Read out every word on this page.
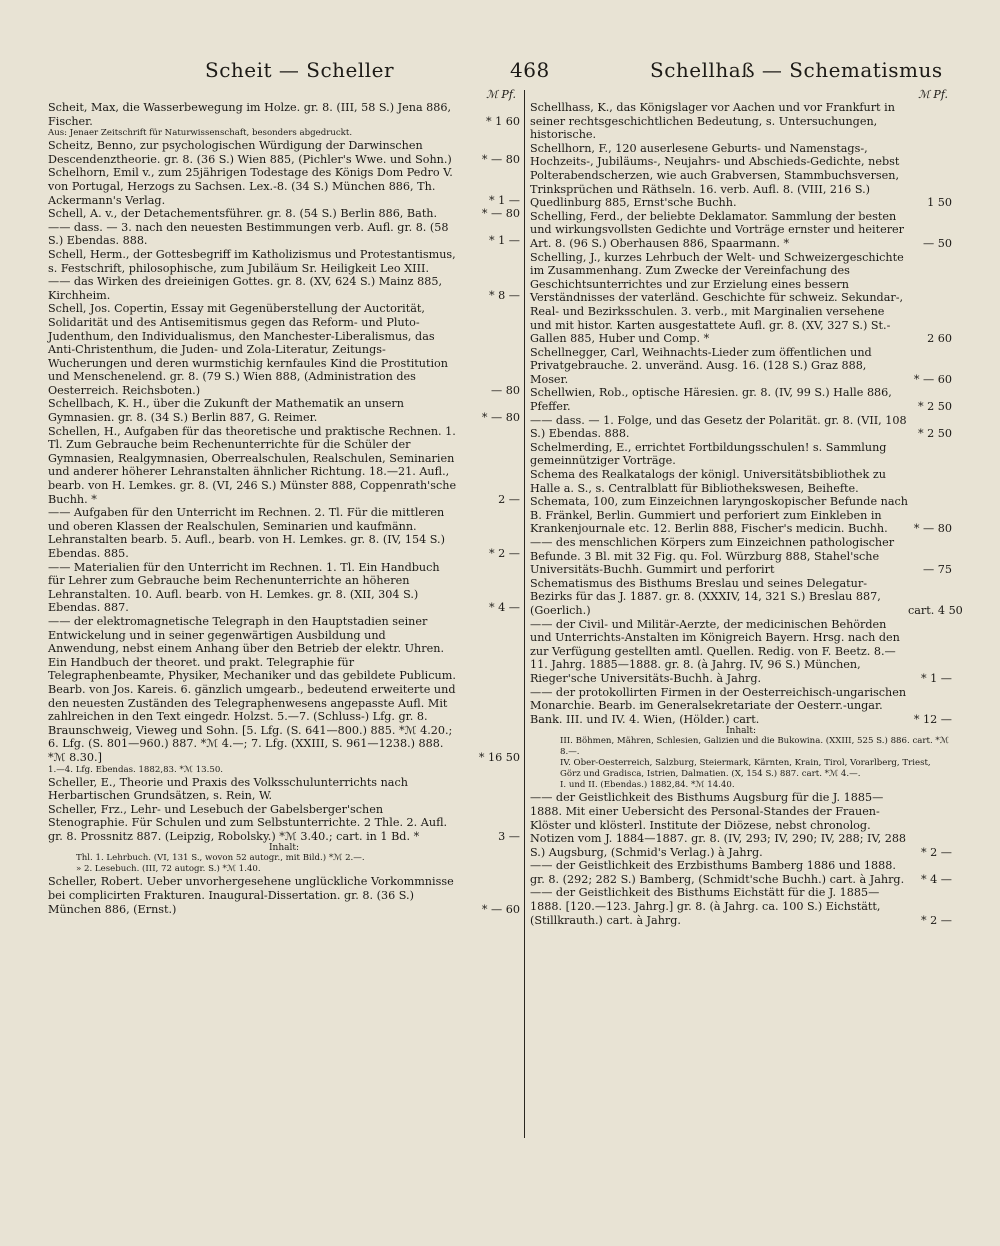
Scheit — Scheller	468	Schellhaß — Schematismus
ℳ Pf.
Scheit, Max, die Wasserbewegung im Holze. gr. 8. (III, 58 S.) Jena 886, Fischer.	* 1 60
Aus: Jenaer Zeitschrift für Naturwissenschaft, besonders abgedruckt.
Scheitz, Benno, zur psychologischen Würdigung der Darwinschen Descendenztheorie. gr. 8. (36 S.) Wien 885, (Pichler's Wwe. und Sohn.)	* — 80
Schelhorn, Emil v., zum 25jährigen Todestage des Königs Dom Pedro V. von Portugal, Herzogs zu Sachsen. Lex.-8. (34 S.) München 886, Th. Ackermann's Verlag.	* 1 —
Schell, A. v., der Detachementsführer. gr. 8. (54 S.) Berlin 886, Bath.	* — 80
—— dass. — 3. nach den neuesten Bestimmungen verb. Aufl. gr. 8. (58 S.) Ebendas. 888.	* 1 —
Schell, Herm., der Gottesbegriff im Katholizismus und Protestantismus, s. Festschrift, philosophische, zum Jubiläum Sr. Heiligkeit Leo XIII.
—— das Wirken des dreieinigen Gottes. gr. 8. (XV, 624 S.) Mainz 885, Kirchheim.	* 8 —
Schell, Jos. Copertin, Essay mit Gegenüberstellung der Auctorität, Solidarität und des Antisemitismus gegen das Reform- und Pluto-Judenthum, den Individualismus, den Manchester-Liberalismus, das Anti-Christenthum, die Juden- und Zola-Literatur, Zeitungs-Wucherungen und deren wurmstichig kernfaules Kind die Prostitution und Menschenelend. gr. 8. (79 S.) Wien 888, (Administration des Oesterreich. Reichsboten.)	— 80
Schellbach, K. H., über die Zukunft der Mathematik an unsern Gymnasien. gr. 8. (34 S.) Berlin 887, G. Reimer.	* — 80
Schellen, H., Aufgaben für das theoretische und praktische Rechnen. 1. Tl. Zum Gebrauche beim Rechenunterrichte für die Schüler der Gymnasien, Realgymnasien, Oberrealschulen, Realschulen, Seminarien und anderer höherer Lehranstalten ähnlicher Richtung. 18.—21. Aufl., bearb. von H. Lemkes. gr. 8. (VI, 246 S.) Münster 888, Coppenrath'sche Buchh. *	2 —
—— Aufgaben für den Unterricht im Rechnen. 2. Tl. Für die mittleren und oberen Klassen der Realschulen, Seminarien und kaufmänn. Lehranstalten bearb. 5. Aufl., bearb. von H. Lemkes. gr. 8. (IV, 154 S.) Ebendas. 885.	* 2 —
—— Materialien für den Unterricht im Rechnen. 1. Tl. Ein Handbuch für Lehrer zum Gebrauche beim Rechenunterrichte an höheren Lehranstalten. 10. Aufl. bearb. von H. Lemkes. gr. 8. (XII, 304 S.) Ebendas. 887.	* 4 —
—— der elektromagnetische Telegraph in den Hauptstadien seiner Entwickelung und in seiner gegenwärtigen Ausbildung und Anwendung, nebst einem Anhang über den Betrieb der elektr. Uhren. Ein Handbuch der theoret. und prakt. Telegraphie für Telegraphenbeamte, Physiker, Mechaniker und das gebildete Publicum. Bearb. von Jos. Kareis. 6. gänzlich umgearb., bedeutend erweiterte und den neuesten Zuständen des Telegraphenwesens angepasste Aufl. Mit zahlreichen in den Text eingedr. Holzst. 5.—7. (Schluss-) Lfg. gr. 8. Braunschweig, Vieweg und Sohn. [5. Lfg. (S. 641—800.) 885. *ℳ 4.20.; 6. Lfg. (S. 801—960.) 887. *ℳ 4.—; 7. Lfg. (XXIII, S. 961—1238.) 888. *ℳ 8.30.]	* 16 50
1.—4. Lfg. Ebendas. 1882,83. *ℳ 13.50.
Scheller, E., Theorie und Praxis des Volksschulunterrichts nach Herbartischen Grundsätzen, s. Rein, W.
Scheller, Frz., Lehr- und Lesebuch der Gabelsberger'schen Stenographie. Für Schulen und zum Selbstunterrichte. 2 Thle. 2. Aufl. gr. 8. Prossnitz 887. (Leipzig, Robolsky.) *ℳ 3.40.; cart. in 1 Bd. *	3 —
Inhalt:
Thl. 1. Lehrbuch. (VI, 131 S., wovon 52 autogr., mit Bild.) *ℳ 2.—.
» 2. Lesebuch. (III, 72 autogr. S.) *ℳ 1.40.
Scheller, Robert. Ueber unvorhergesehene unglückliche Vorkommnisse bei complicirten Frakturen. Inaugural-Dissertation. gr. 8. (36 S.) München 886, (Ernst.)	* — 60
ℳ Pf.
Schellhass, K., das Königslager vor Aachen und vor Frankfurt in seiner rechtsgeschichtlichen Bedeutung, s. Untersuchungen, historische.
Schellhorn, F., 120 auserlesene Geburts- und Namenstags-, Hochzeits-, Jubiläums-, Neujahrs- und Abschieds-Gedichte, nebst Polterabendscherzen, wie auch Grabversen, Stammbuchsversen, Trinksprüchen und Räthseln. 16. verb. Aufl. 8. (VIII, 216 S.) Quedlinburg 885, Ernst'sche Buchh.	1 50
Schelling, Ferd., der beliebte Deklamator. Sammlung der besten und wirkungsvollsten Gedichte und Vorträge ernster und heiterer Art. 8. (96 S.) Oberhausen 886, Spaarmann. *	— 50
Schelling, J., kurzes Lehrbuch der Welt- und Schweizergeschichte im Zusammenhang. Zum Zwecke der Vereinfachung des Geschichtsunterrichtes und zur Erzielung eines bessern Verständnisses der vaterländ. Geschichte für schweiz. Sekundar-, Real- und Bezirksschulen. 3. verb., mit Marginalien versehene und mit histor. Karten ausgestattete Aufl. gr. 8. (XV, 327 S.) St.-Gallen 885, Huber und Comp. *	2 60
Schellnegger, Carl, Weihnachts-Lieder zum öffentlichen und Privatgebrauche. 2. unveränd. Ausg. 16. (128 S.) Graz 888, Moser.	* — 60
Schellwien, Rob., optische Häresien. gr. 8. (IV, 99 S.) Halle 886, Pfeffer.	* 2 50
—— dass. — 1. Folge, und das Gesetz der Polarität. gr. 8. (VII, 108 S.) Ebendas. 888.	* 2 50
Schelmerding, E., errichtet Fortbildungsschulen! s. Sammlung gemeinnütziger Vorträge.
Schema des Realkatalogs der königl. Universitätsbibliothek zu Halle a. S., s. Centralblatt für Bibliothekswesen, Beihefte.
Schemata, 100, zum Einzeichnen laryngoskopischer Befunde nach B. Fränkel, Berlin. Gummiert und perforiert zum Einkleben in Krankenjournale etc. 12. Berlin 888, Fischer's medicin. Buchh.	* — 80
—— des menschlichen Körpers zum Einzeichnen pathologischer Befunde. 3 Bl. mit 32 Fig. qu. Fol. Würzburg 888, Stahel'sche Universitäts-Buchh. Gummirt und perforirt	— 75
Schematismus des Bisthums Breslau und seines Delegatur-Bezirks für das J. 1887. gr. 8. (XXXIV, 14, 321 S.) Breslau 887, (Goerlich.)	cart. 4 50
—— der Civil- und Militär-Aerzte, der medicinischen Behörden und Unterrichts-Anstalten im Königreich Bayern. Hrsg. nach den zur Verfügung gestellten amtl. Quellen. Redig. von F. Beetz. 8.—11. Jahrg. 1885—1888. gr. 8. (à Jahrg. IV, 96 S.) München, Rieger'sche Universitäts-Buchh. à Jahrg.	* 1 —
—— der protokollirten Firmen in der Oesterreichisch-ungarischen Monarchie. Bearb. im Generalsekretariate der Oesterr.-ungar. Bank. III. und IV. 4. Wien, (Hölder.) cart.	* 12 —
Inhalt:
III. Böhmen, Mähren, Schlesien, Galizien und die Bukowina. (XXIII, 525 S.) 886. cart. *ℳ 8.—.
IV. Ober-Oesterreich, Salzburg, Steiermark, Kärnten, Krain, Tirol, Vorarlberg, Triest, Görz und Gradisca, Istrien, Dalmatien. (X, 154 S.) 887. cart. *ℳ 4.—.
I. und II. (Ebendas.) 1882,84. *ℳ 14.40.
—— der Geistlichkeit des Bisthums Augsburg für die J. 1885—1888. Mit einer Uebersicht des Personal-Standes der Frauen-Klöster und klösterl. Institute der Diözese, nebst chronolog. Notizen vom J. 1884—1887. gr. 8. (IV, 293; IV, 290; IV, 288; IV, 288 S.) Augsburg, (Schmid's Verlag.) à Jahrg.	* 2 —
—— der Geistlichkeit des Erzbisthums Bamberg 1886 und 1888. gr. 8. (292; 282 S.) Bamberg, (Schmidt'sche Buchh.) cart. à Jahrg.	* 4 —
—— der Geistlichkeit des Bisthums Eichstätt für die J. 1885—1888. [120.—123. Jahrg.] gr. 8. (à Jahrg. ca. 100 S.) Eichstätt, (Stillkrauth.) cart. à Jahrg.	* 2 —
